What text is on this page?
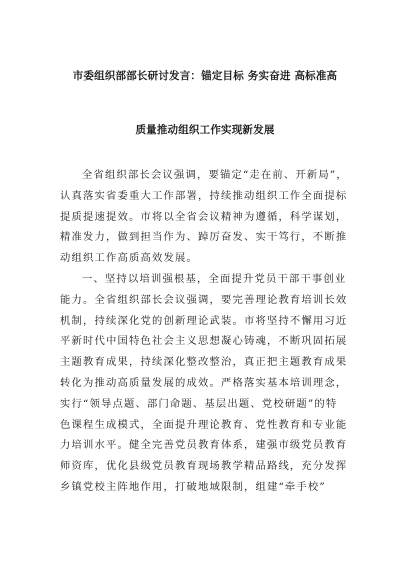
市委组织部部长研讨发言：锚定目标 务实奋进 高标准高
质量推动组织工作实现新发展
全省组织部长会议强调，要锚定“走在前、开新局”，
认真落实省委重大工作部署，持续推动组织工作全面提标
提质提速提效。市将以全省会议精神为遵循，科学谋划，
精准发力，做到担当作为、踔厉奋发、实干笃行，不断推
动组织工作高质高效发展。
一、坚持以培训强根基，全面提升党员干部干事创业
能力。全省组织部长会议强调，要完善理论教育培训长效
机制，持续深化党的创新理论武装。市将坚持不懈用习近
平新时代中国特色社会主义思想凝心铸魂，不断巩固拓展
主题教育成果，持续深化整改整治，真正把主题教育成果
转化为推动高质量发展的成效。严格落实基本培训理念，
实行“领导点题、部门命题、基层出题、党校研题”的特
色课程生成模式，全面提升理论教育、党性教育和专业能
力培训水平。健全完善党员教育体系，建强市级党员教育
师资库，优化县级党员教育现场教学精品路线，充分发挥
乡镇党校主阵地作用，打破地域限制，组建“牵手校”
